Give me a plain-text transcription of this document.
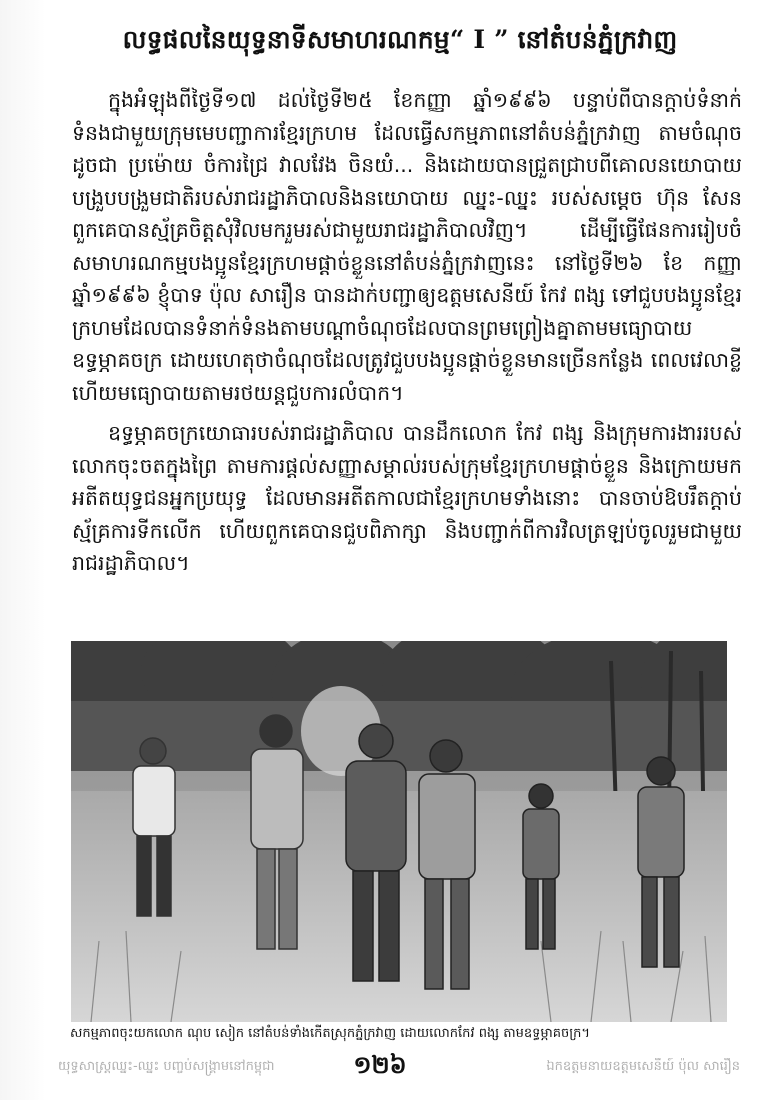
លទ្ធផលនៃយុទ្ធនាទីសមាហរណកម្ម“ I ” នៅតំបន់ភ្នំក្រវាញ

ក្នុងអំឡុងពីថ្ងៃទី១៧ ដល់ថ្ងៃទី២៥ ខែកញ្ញា ឆ្នាំ១៩៩៦ បន្ទាប់ពីបានក្តាប់ទំនាក់ទំនងជាមួយក្រុមមេបញ្ជាការខ្មែរក្រហម ដែលធ្វើសកម្មភាពនៅតំបន់ភ្នំក្រវាញ តាមចំណុចដូចជា ប្រម៉ោយ ចំការជ្រៃ វាលវែង ចិនយំ... និងដោយបានជ្រួតជ្រាបពីគោលនយោបាយ បង្រួបបង្រួមជាតិរបស់រាជរដ្ឋាភិបាលនិងនយោបាយ ឈ្នះ-ឈ្នះ របស់សម្តេច ហ៊ុន សែន ពួកគេបានស្ម័គ្រចិត្តសុំវិលមករួមរស់ជាមួយរាជរដ្ឋាភិបាលវិញ។ ដើម្បីធ្វើផែនការរៀបចំសមាហរណកម្មបងប្អូនខ្មែរក្រហមផ្តាច់ខ្លួននៅតំបន់ភ្នំក្រវាញនេះ នៅថ្ងៃទី២៦ ខែ កញ្ញា ឆ្នាំ១៩៩៦ ខ្ញុំបាទ ប៉ុល សារឿន បានដាក់បញ្ជាឲ្យឧត្តមសេនីយ៍ កែវ ពង្ស ទៅជួបបងប្អូនខ្មែរក្រហមដែលបានទំនាក់ទំនងតាមបណ្តាចំណុចដែលបានព្រមព្រៀងគ្នាតាមមធ្យោបាយឧទ្ធម្ភាគចក្រ ដោយហេតុថាចំណុចដែលត្រូវជួបបងប្អូនផ្តាច់ខ្លួនមានច្រើនកន្លែង ពេលវេលាខ្លី ហើយមធ្យោបាយតាមរថយន្តជួបការលំបាក។

ឧទ្ធម្ភាគចក្រយោធារបស់រាជរដ្ឋាភិបាល បានដឹកលោក កែវ ពង្ស និងក្រុមការងាររបស់លោកចុះចតក្នុងព្រៃ តាមការផ្តល់សញ្ញាសម្គាល់របស់ក្រុមខ្មែរក្រហមផ្តាច់ខ្លួន និងក្រោយមកអតីតយុទ្ធជនអ្នកប្រយុទ្ធ ដែលមានអតីតកាលជាខ្មែរក្រហមទាំងនោះ បានចាប់ឱបរឹតក្តាប់ស្ម័គ្រការទីកលើក ហើយពួកគេបានជួបពិភាក្សា និងបញ្ជាក់ពីការវិលត្រឡប់ចូលរួមជាមួយរាជរដ្ឋាភិបាល។

សកម្មភាពចុះយកលោក ណុប សៀក នៅតំបន់ទាំងកើតស្រុកភ្នំក្រវាញ ដោយលោកកែវ ពង្ស តាមឧទ្ធម្ភាគចក្រ។
យុទ្ធសាស្ត្រឈ្នះ-ឈ្នះ បញ្ចប់សង្គ្រាមនៅកម្ពុជា	១២៦	ឯកឧត្តមនាយឧត្តមសេនីយ៍ ប៉ុល សារឿន
